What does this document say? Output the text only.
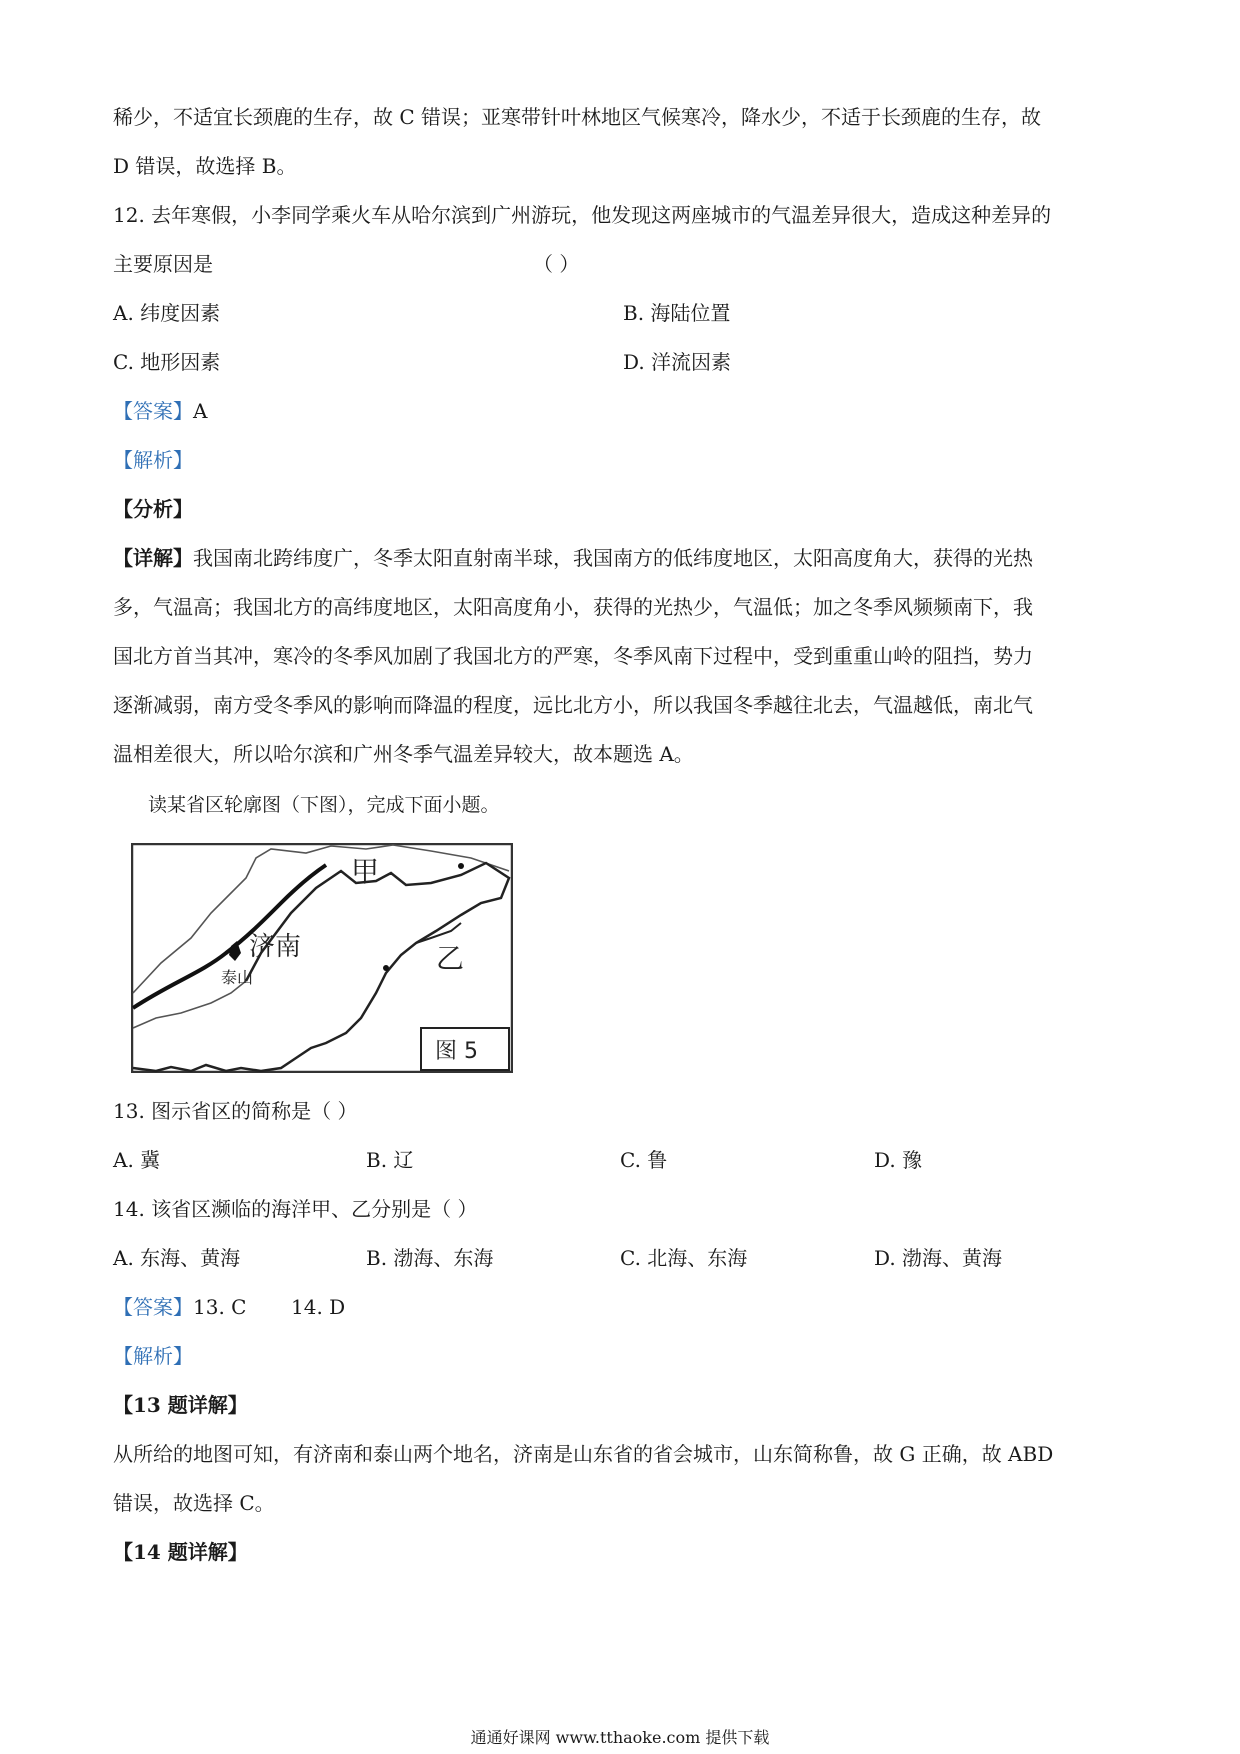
稀少，不适宜长颈鹿的生存，故 C 错误；亚寒带针叶林地区气候寒冷，降水少，不适于长颈鹿的生存，故
D 错误，故选择 B。
12. 去年寒假，小李同学乘火车从哈尔滨到广州游玩，他发现这两座城市的气温差异很大，造成这种差异的
主要原因是	（ ）
A. 纬度因素	B. 海陆位置
C. 地形因素	D. 洋流因素
【答案】A
【解析】
【分析】
【详解】我国南北跨纬度广，冬季太阳直射南半球，我国南方的低纬度地区，太阳高度角大，获得的光热
多，气温高；我国北方的高纬度地区，太阳高度角小，获得的光热少，气温低；加之冬季风频频南下，我
国北方首当其冲，寒冷的冬季风加剧了我国北方的严寒，冬季风南下过程中，受到重重山岭的阻挡，势力
逐渐减弱，南方受冬季风的影响而降温的程度，远比北方小，所以我国冬季越往北去，气温越低，南北气
温相差很大，所以哈尔滨和广州冬季气温差异较大，故本题选 A。
读某省区轮廓图（下图），完成下面小题。
甲
乙
济南
泰山
图 5
13. 图示省区的简称是（ ）
A. 冀	B. 辽	C. 鲁	D. 豫
14. 该省区濒临的海洋甲、乙分别是（ ）
A. 东海、黄海	B. 渤海、东海	C. 北海、东海	D. 渤海、黄海
【答案】13. C 14. D
【解析】
【13 题详解】
从所给的地图可知，有济南和泰山两个地名，济南是山东省的省会城市，山东简称鲁，故 G 正确，故 ABD
错误，故选择 C。
【14 题详解】
通通好课网 www.tthaoke.com 提供下载
